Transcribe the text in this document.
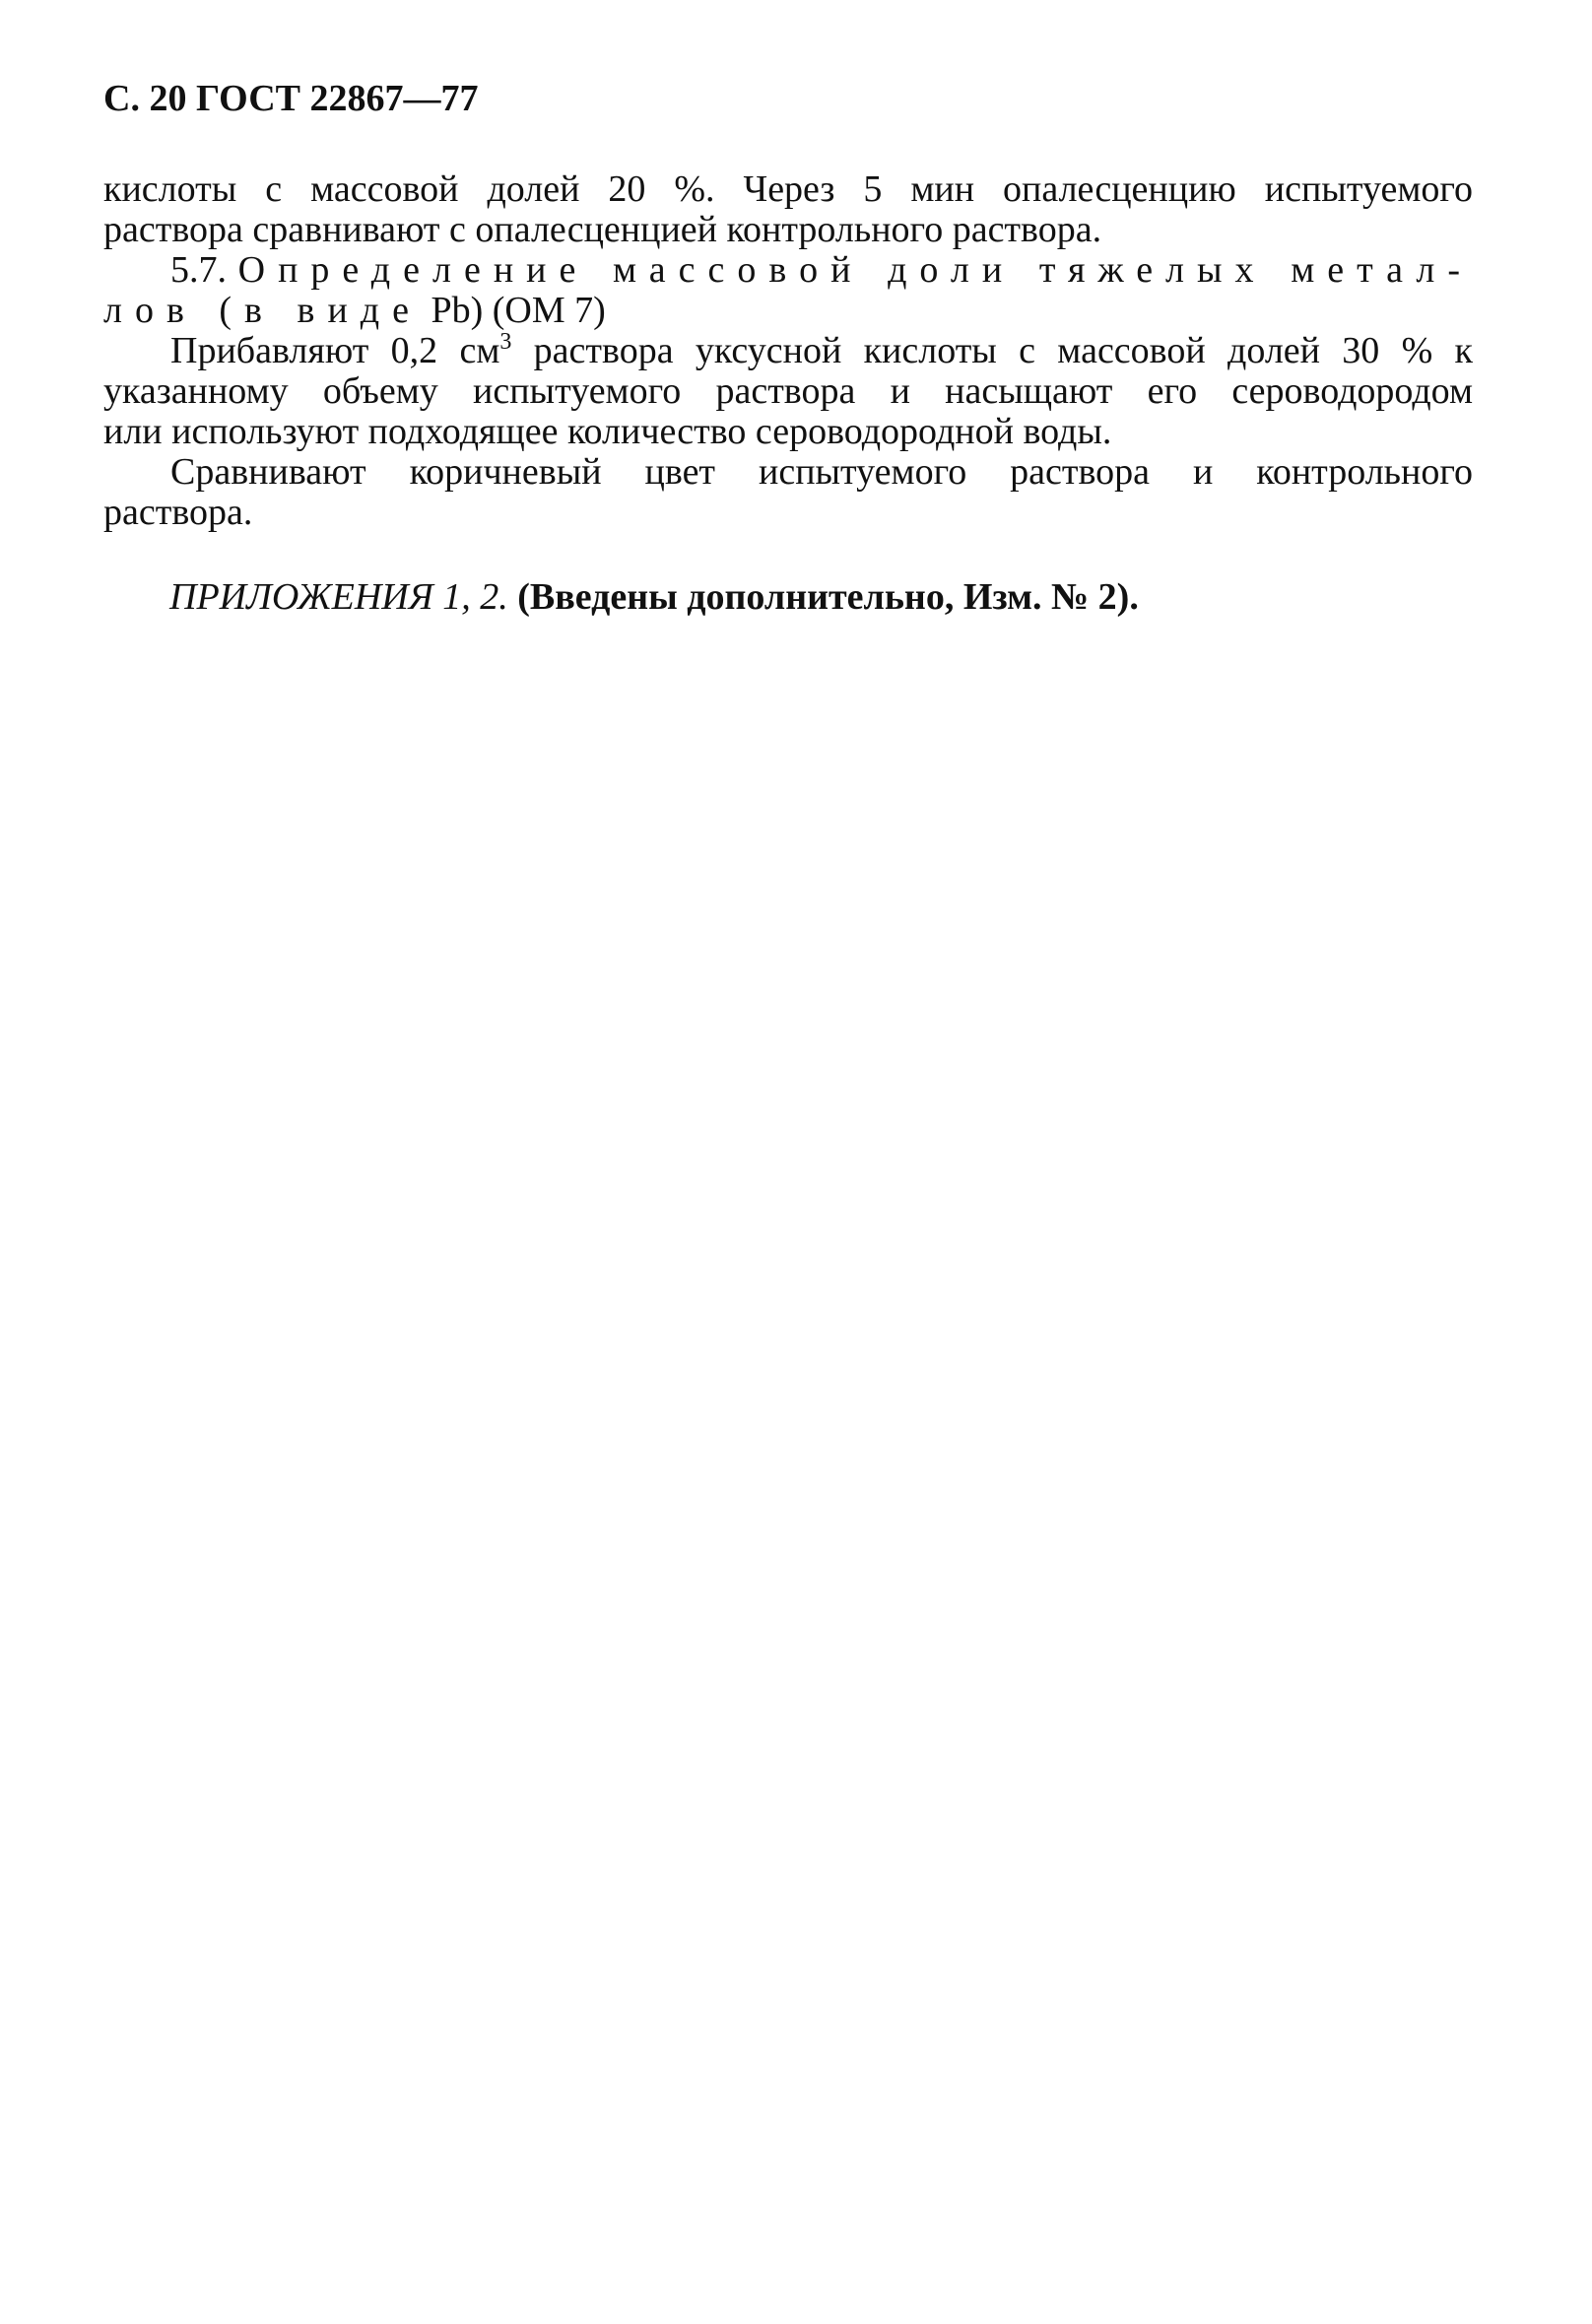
С. 20 ГОСТ 22867—77

кислоты с массовой долей 20 %. Через 5 мин опалесценцию испытуемого
раствора сравнивают с опалесценцией контрольного раствора.

5.7. Определение массовой доли тяжелых метал-
лов (в виде Pb) (ОМ 7)

Прибавляют 0,2 $см^3$ раствора уксусной кислоты с массовой долей 30 % к
указанному объему испытуемого раствора и насыщают его сероводородом
или используют подходящее количество сероводородной воды.

Сравнивают коричневый цвет испытуемого раствора и контрольного
раствора.

ПРИЛОЖЕНИЯ 1, 2. (Введены дополнительно, Изм. № 2).
